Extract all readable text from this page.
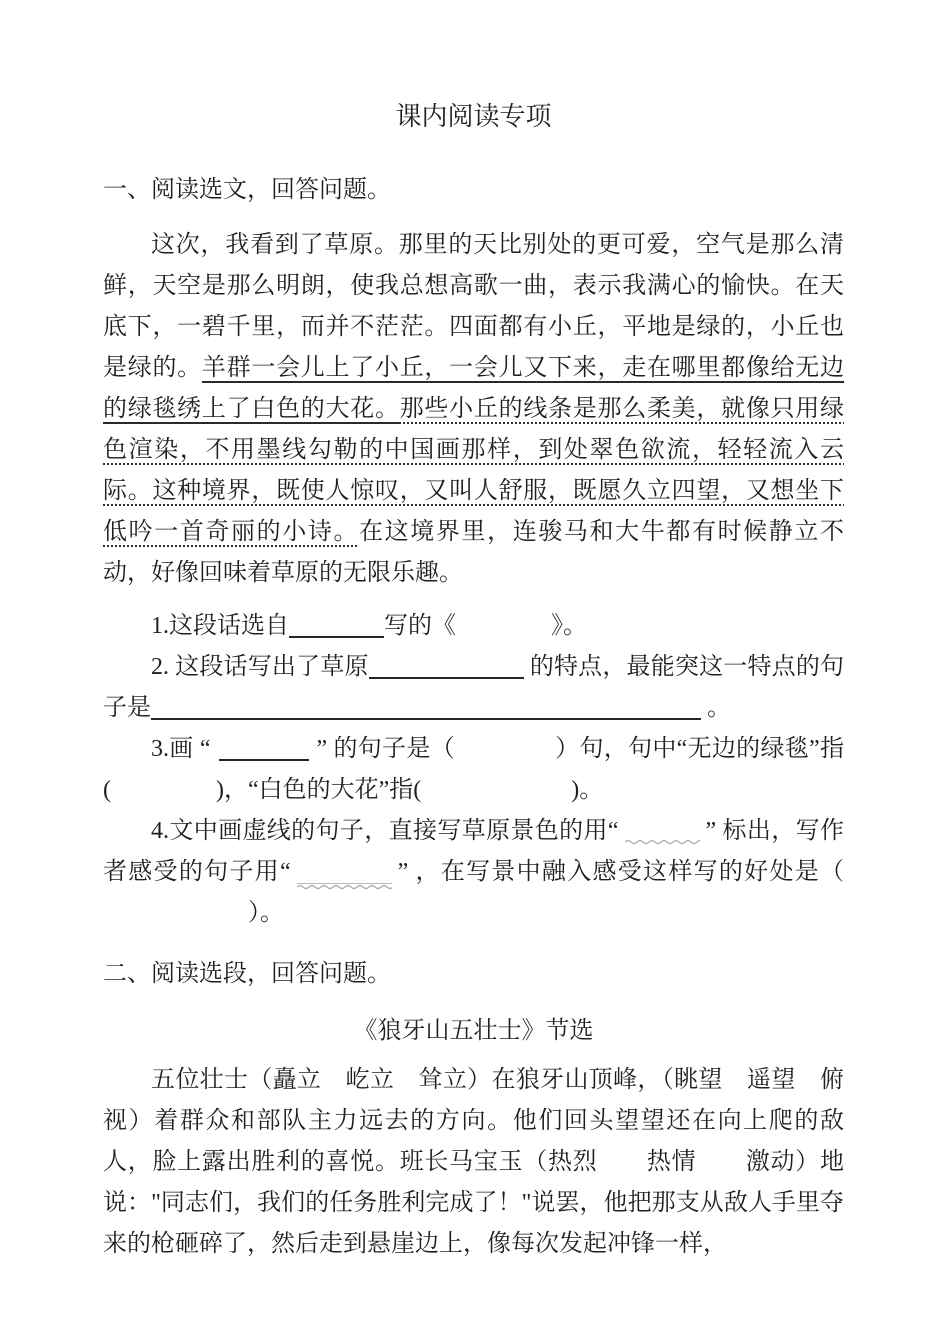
课内阅读专项
一、阅读选文，回答问题。

这次，我看到了草原。那里的天比别处的更可爱，空气是那么清鲜，天空是那么明朗，使我总想高歌一曲，表示我满心的愉快。在天底下，一碧千里，而并不茫茫。四面都有小丘，平地是绿的，小丘也是绿的。羊群一会儿上了小丘，一会儿又下来，走在哪里都像给无边的绿毯绣上了白色的大花。那些小丘的线条是那么柔美，就像只用绿色渲染，不用墨线勾勒的中国画那样，到处翠色欲流，轻轻流入云际。这种境界，既使人惊叹，又叫人舒服，既愿久立四望，又想坐下低吟一首奇丽的小诗。在这境界里，连骏马和大牛都有时候静立不动，好像回味着草原的无限乐趣。

1.这段话选自	写的《	》。

2. 这段话写出了草原	的特点，最能突这一特点的句子是	。

3.画 “	” 的句子是（	）句，句中“无边的绿毯”指(	)，“白色的大花”指(	)。

4.文中画虚线的句子，直接写草原景色的用“	” 标出，写作者感受的句子用“	” ，在写景中融入感受这样写的好处是（）。

二、阅读选段，回答问题。
《狼牙山五壮士》节选

五位壮士（矗立　屹立　耸立）在狼牙山顶峰，（眺望　遥望　俯视）着群众和部队主力远去的方向。他们回头望望还在向上爬的敌人，脸上露出胜利的喜悦。班长马宝玉（热烈　　热情　　激动）地说："同志们，我们的任务胜利完成了！"说罢，他把那支从敌人手里夺来的枪砸碎了，然后走到悬崖边上，像每次发起冲锋一样，
